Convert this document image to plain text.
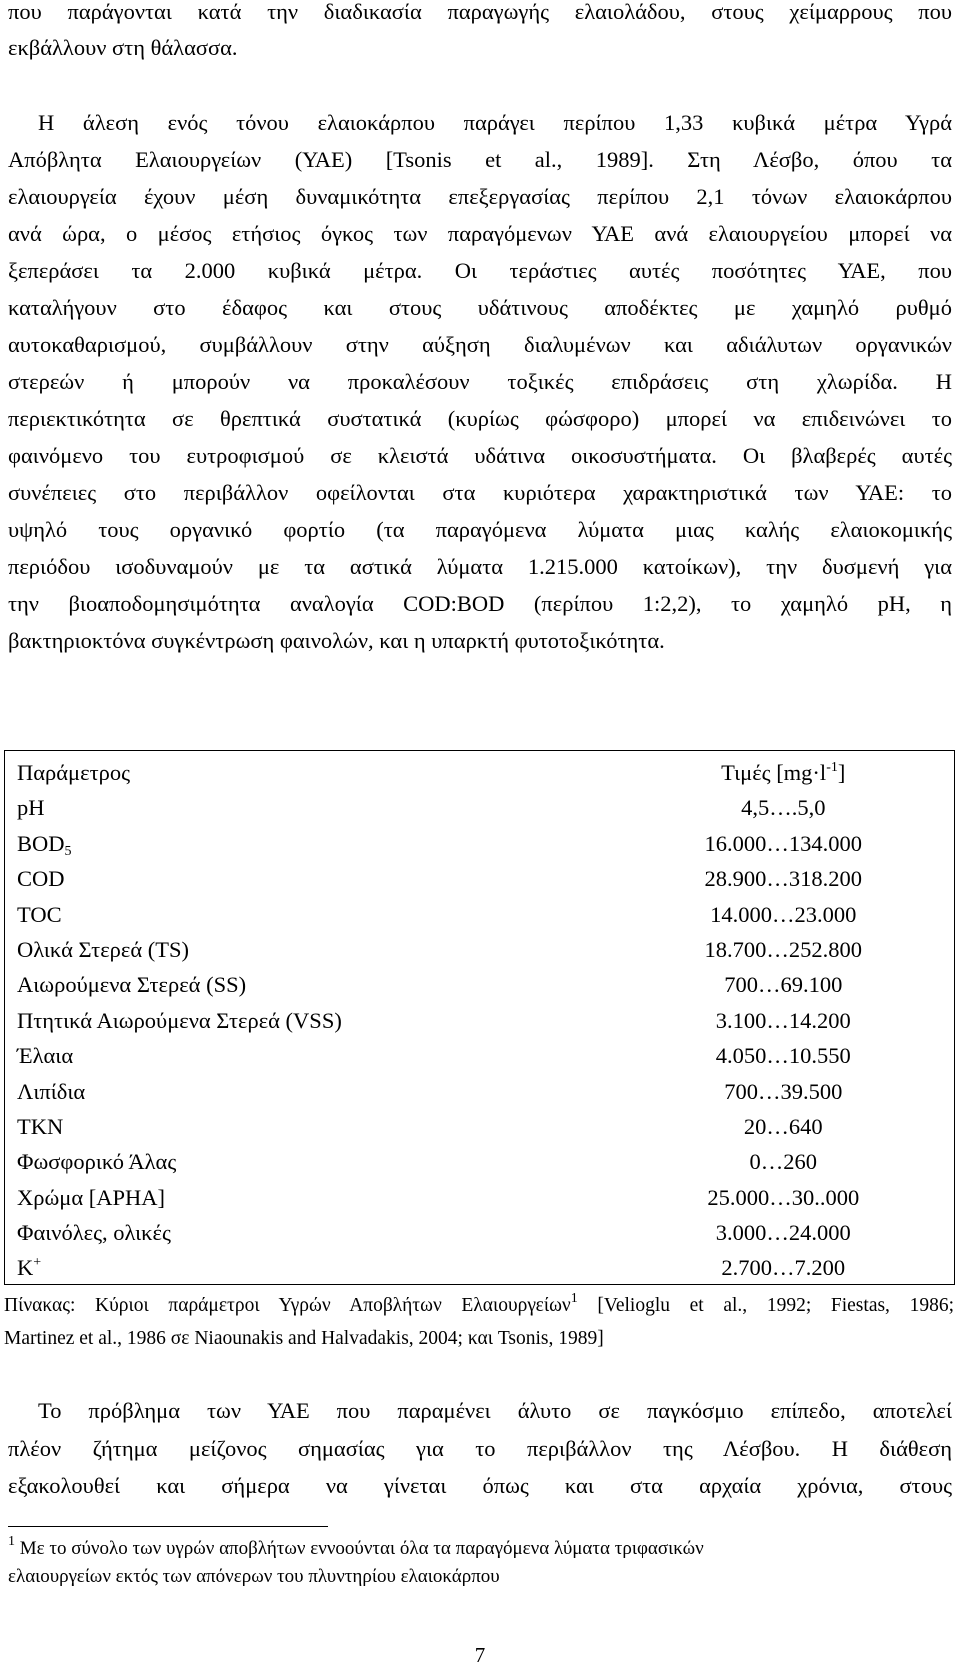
που παράγονται κατά την διαδικασία παραγωγής ελαιολάδου, στους χείμαρρους που
εκβάλλουν στη θάλασσα.
Η άλεση ενός τόνου ελαιοκάρπου παράγει περίπου 1,33 κυβικά μέτρα Υγρά
Απόβλητα Ελαιουργείων (ΥΑΕ) [Tsonis et al., 1989]. Στη Λέσβο, όπου τα
ελαιουργεία έχουν μέση δυναμικότητα επεξεργασίας περίπου 2,1 τόνων ελαιοκάρπου
ανά ώρα, ο μέσος ετήσιος όγκος των παραγόμενων ΥΑΕ ανά ελαιουργείου μπορεί να
ξεπεράσει τα 2.000 κυβικά μέτρα. Οι τεράστιες αυτές ποσότητες ΥΑΕ, που
καταλήγουν στο έδαφος και στους υδάτινους αποδέκτες με χαμηλό ρυθμό
αυτοκαθαρισμού, συμβάλλουν στην αύξηση διαλυμένων και αδιάλυτων οργανικών
στερεών ή μπορούν να προκαλέσουν τοξικές επιδράσεις στη χλωρίδα. Η
περιεκτικότητα σε θρεπτικά συστατικά (κυρίως φώσφορο) μπορεί να επιδεινώνει το
φαινόμενο του ευτροφισμού σε κλειστά υδάτινα οικοσυστήματα. Οι βλαβερές αυτές
συνέπειες στο περιβάλλον οφείλονται στα κυριότερα χαρακτηριστικά των ΥΑΕ: το
υψηλό τους οργανικό φορτίο (τα παραγόμενα λύματα μιας καλής ελαιοκομικής
περιόδου ισοδυναμούν με τα αστικά λύματα 1.215.000 κατοίκων), την δυσμενή για
την βιοαποδομησιμότητα αναλογία COD:BOD (περίπου 1:2,2), το χαμηλό pH, η
βακτηριοκτόνα συγκέντρωση φαινολών, και η υπαρκτή φυτοτοξικότητα.
Παράμετρος	Τιμές $[mg\cdot l^{-1}]$
pH	4,5….5,0
$BOD_5$	16.000…134.000
COD	28.900…318.200
TOC	14.000…23.000
Ολικά Στερεά (TS)	18.700…252.800
Αιωρούμενα Στερεά (SS)	700…69.100
Πτητικά Αιωρούμενα Στερεά (VSS)	3.100…14.200
Έλαια	4.050…10.550
Λιπίδια	700…39.500
TKN	20…640
Φωσφορικό Άλας	0…260
Χρώμα [APHA]	25.000…30..000
Φαινόλες, ολικές	3.000…24.000
K+	2.700…7.200
Πίνακας: Κύριοι παράμετροι Υγρών Αποβλήτων Ελαιουργείων$^1$ [Velioglu et al., 1992; Fiestas, 1986;
Martinez et al., 1986 σε Niaounakis and Halvadakis, 2004; και Tsonis, 1989]
Το πρόβλημα των ΥΑΕ που παραμένει άλυτο σε παγκόσμιο επίπεδο, αποτελεί
πλέον ζήτημα μείζονος σημασίας για το περιβάλλον της Λέσβου. Η διάθεση
εξακολουθεί και σήμερα να γίνεται όπως και στα αρχαία χρόνια, στους
$^1$ Με το σύνολο των υγρών αποβλήτων εννοούνται όλα τα παραγόμενα λύματα τριφασικών
ελαιουργείων εκτός των απόνερων του πλυντηρίου ελαιοκάρπου
7
